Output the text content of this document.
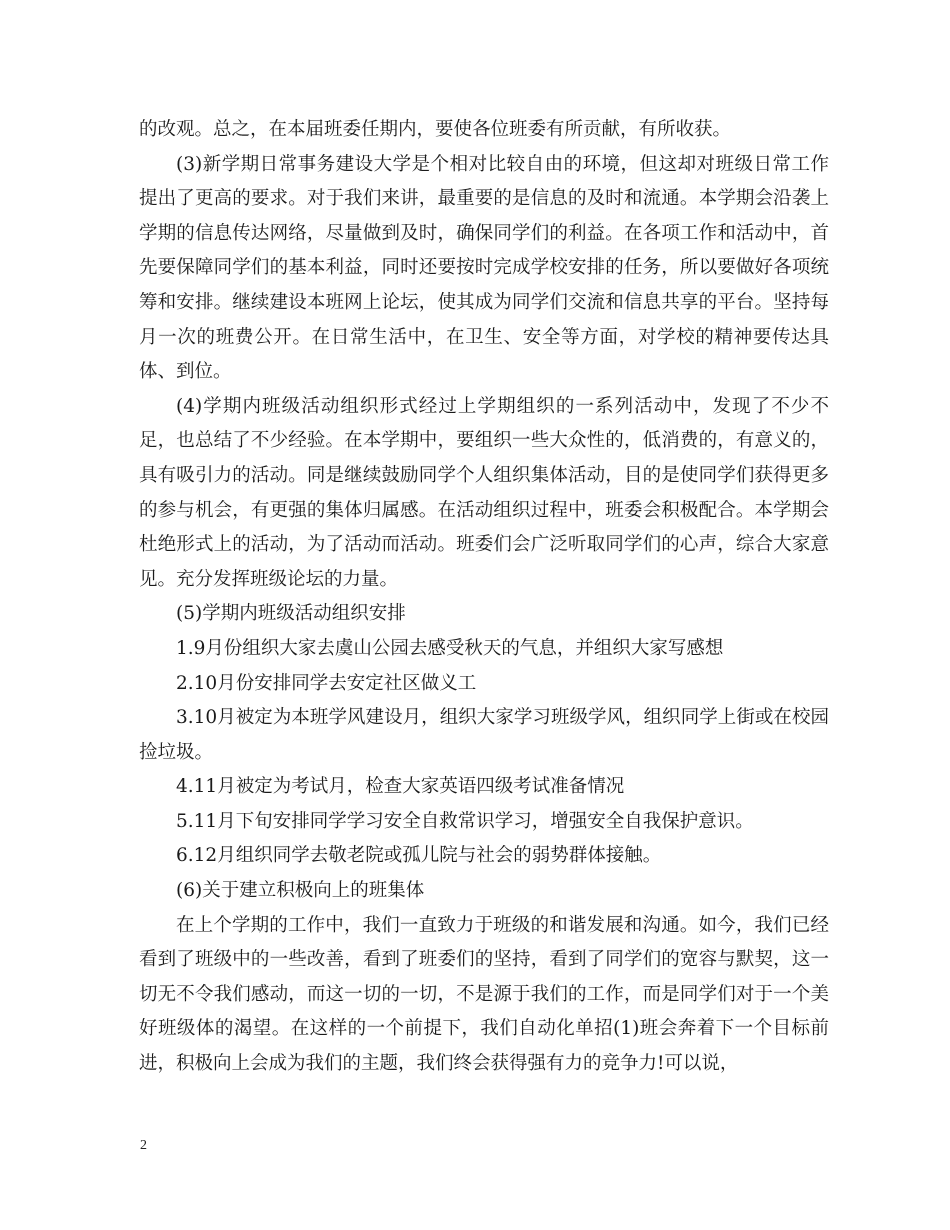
的改观。总之，在本届班委任期内，要使各位班委有所贡献，有所收获。

(3)新学期日常事务建设大学是个相对比较自由的环境，但这却对班级日常工作提出了更高的要求。对于我们来讲，最重要的是信息的及时和流通。本学期会沿袭上学期的信息传达网络，尽量做到及时，确保同学们的利益。在各项工作和活动中，首先要保障同学们的基本利益，同时还要按时完成学校安排的任务，所以要做好各项统筹和安排。继续建设本班网上论坛，使其成为同学们交流和信息共享的平台。坚持每月一次的班费公开。在日常生活中，在卫生、安全等方面，对学校的精神要传达具体、到位。

(4)学期内班级活动组织形式经过上学期组织的一系列活动中，发现了不少不足，也总结了不少经验。在本学期中，要组织一些大众性的，低消费的，有意义的，具有吸引力的活动。同是继续鼓励同学个人组织集体活动，目的是使同学们获得更多的参与机会，有更强的集体归属感。在活动组织过程中，班委会积极配合。本学期会杜绝形式上的活动，为了活动而活动。班委们会广泛听取同学们的心声，综合大家意见。充分发挥班级论坛的力量。

(5)学期内班级活动组织安排

1.9月份组织大家去虞山公园去感受秋天的气息，并组织大家写感想

2.10月份安排同学去安定社区做义工

3.10月被定为本班学风建设月，组织大家学习班级学风，组织同学上街或在校园捡垃圾。

4.11月被定为考试月，检查大家英语四级考试准备情况

5.11月下旬安排同学学习安全自救常识学习，增强安全自我保护意识。

6.12月组织同学去敬老院或孤儿院与社会的弱势群体接触。

(6)关于建立积极向上的班集体

在上个学期的工作中，我们一直致力于班级的和谐发展和沟通。如今，我们已经看到了班级中的一些改善，看到了班委们的坚持，看到了同学们的宽容与默契，这一切无不令我们感动，而这一切的一切，不是源于我们的工作，而是同学们对于一个美好班级体的渴望。在这样的一个前提下，我们自动化单招(1)班会奔着下一个目标前进，积极向上会成为我们的主题，我们终会获得强有力的竞争力!可以说，

2
